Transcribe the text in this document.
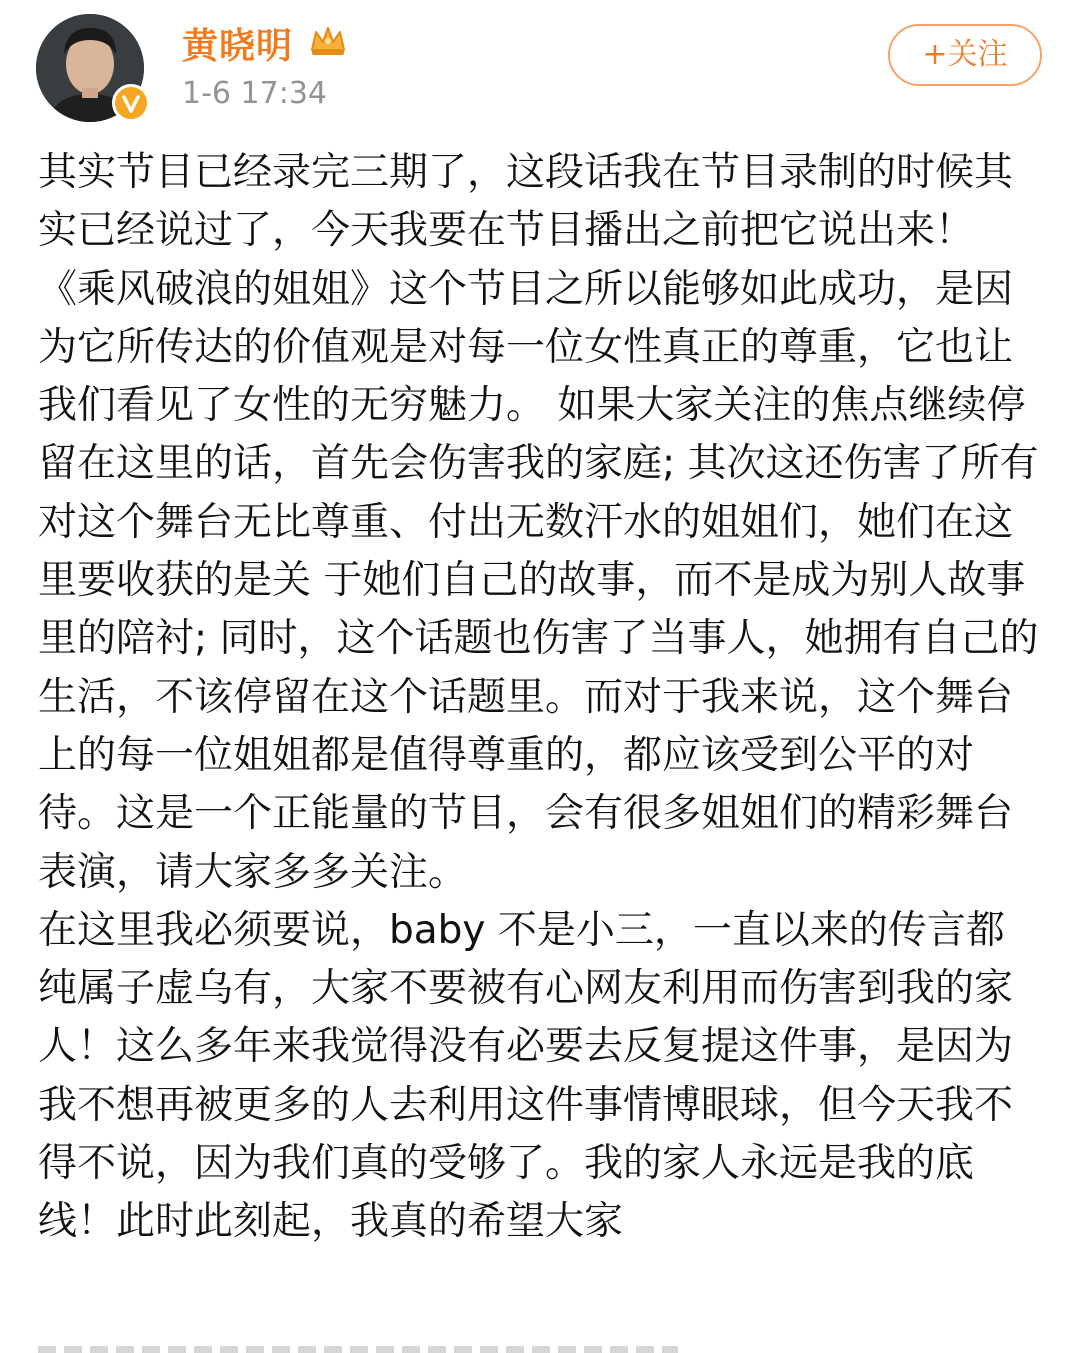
黄晓明
1-6 17:34
+关注

其实节目已经录完三期了，这段话我在节目录制的时候其实已经说过了，今天我要在节目播出之前把它说出来！《乘风破浪的姐姐》这个节目之所以能够如此成功，是因为它所传达的价值观是对每一位女性真正的尊重，它也让我们看见了女性的无穷魅力。 如果大家关注的焦点继续停留在这里的话，首先会伤害我的家庭; 其次这还伤害了所有对这个舞台无比尊重、付出无数汗水的姐姐们，她们在这里要收获的是关 于她们自己的故事，而不是成为别人故事里的陪衬; 同时，这个话题也伤害了当事人，她拥有自己的生活，不该停留在这个话题里。而对于我来说，这个舞台上的每一位姐姐都是值得尊重的，都应该受到公平的对待。这是一个正能量的节目，会有很多姐姐们的精彩舞台表演，请大家多多关注。

在这里我必须要说，baby 不是小三，一直以来的传言都纯属子虚乌有，大家不要被有心网友利用而伤害到我的家人！这么多年来我觉得没有必要去反复提这件事，是因为我不想再被更多的人去利用这件事情博眼球，但今天我不得不说，因为我们真的受够了。我的家人永远是我的底线！此时此刻起，我真的希望大家
